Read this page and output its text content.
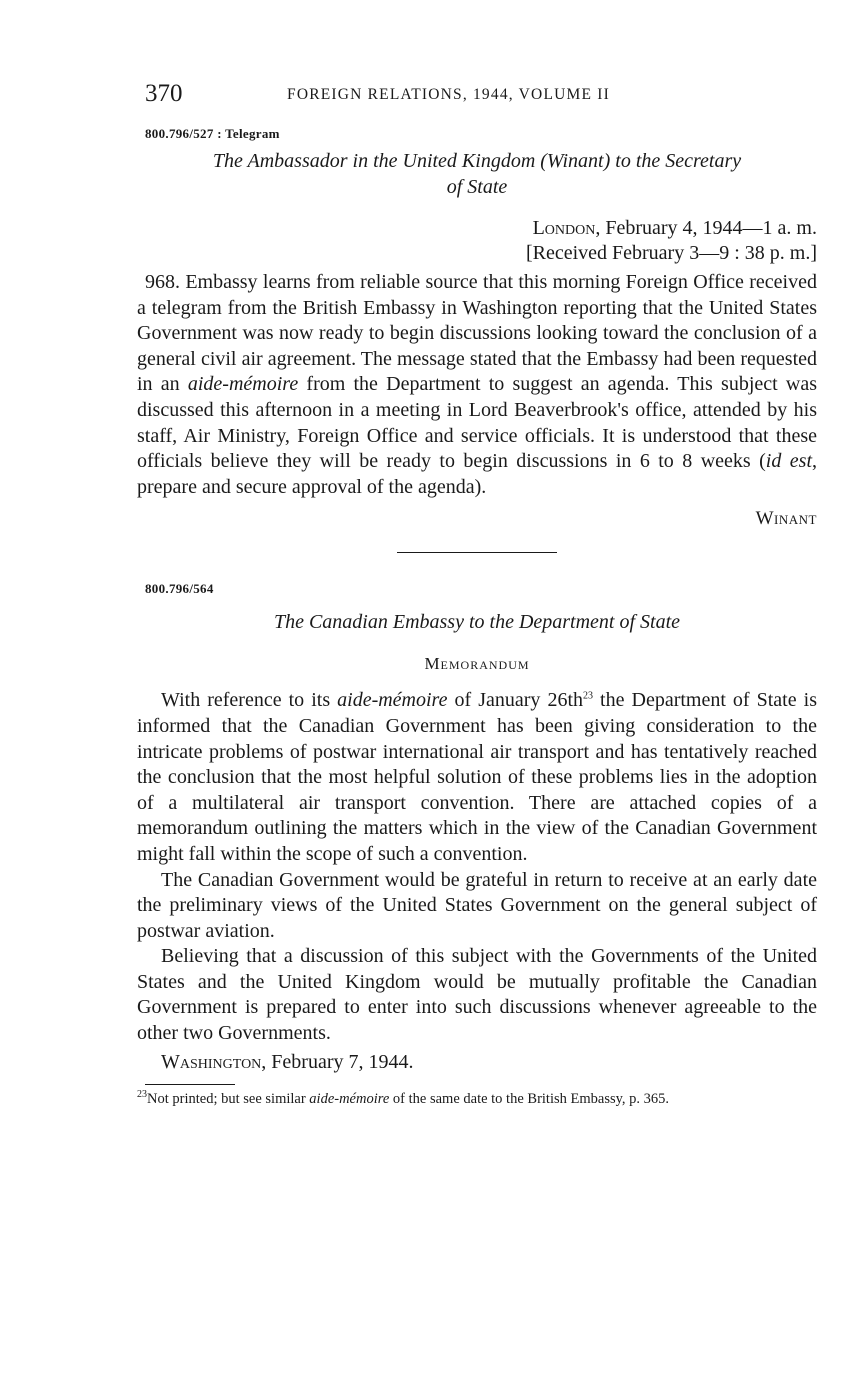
370	FOREIGN RELATIONS, 1944, VOLUME II
800.796/527 : Telegram
The Ambassador in the United Kingdom (Winant) to the Secretary
of State
London, February 4, 1944—1 a. m.
[Received February 3—9 : 38 p. m.]

968. Embassy learns from reliable source that this morning Foreign Office received a telegram from the British Embassy in Washington reporting that the United States Government was now ready to begin discussions looking toward the conclusion of a general civil air agreement. The message stated that the Embassy had been requested in an aide-mémoire from the Department to suggest an agenda. This subject was discussed this afternoon in a meeting in Lord Beaverbrook's office, attended by his staff, Air Ministry, Foreign Office and service officials. It is understood that these officials believe they will be ready to begin discussions in 6 to 8 weeks (id est, prepare and secure approval of the agenda).

Winant
800.796/564
The Canadian Embassy to the Department of State
Memorandum

With reference to its aide-mémoire of January $26th^{23}$ the Department of State is informed that the Canadian Government has been giving consideration to the intricate problems of postwar international air transport and has tentatively reached the conclusion that the most helpful solution of these problems lies in the adoption of a multilateral air transport convention. There are attached copies of a memorandum outlining the matters which in the view of the Canadian Government might fall within the scope of such a convention.

The Canadian Government would be grateful in return to receive at an early date the preliminary views of the United States Government on the general subject of postwar aviation.

Believing that a discussion of this subject with the Governments of the United States and the United Kingdom would be mutually profitable the Canadian Government is prepared to enter into such discussions whenever agreeable to the other two Governments.

Washington, February 7, 1944.

$^{23}$Not printed; but see similar aide-mémoire of the same date to the British Embassy, p. 365.
